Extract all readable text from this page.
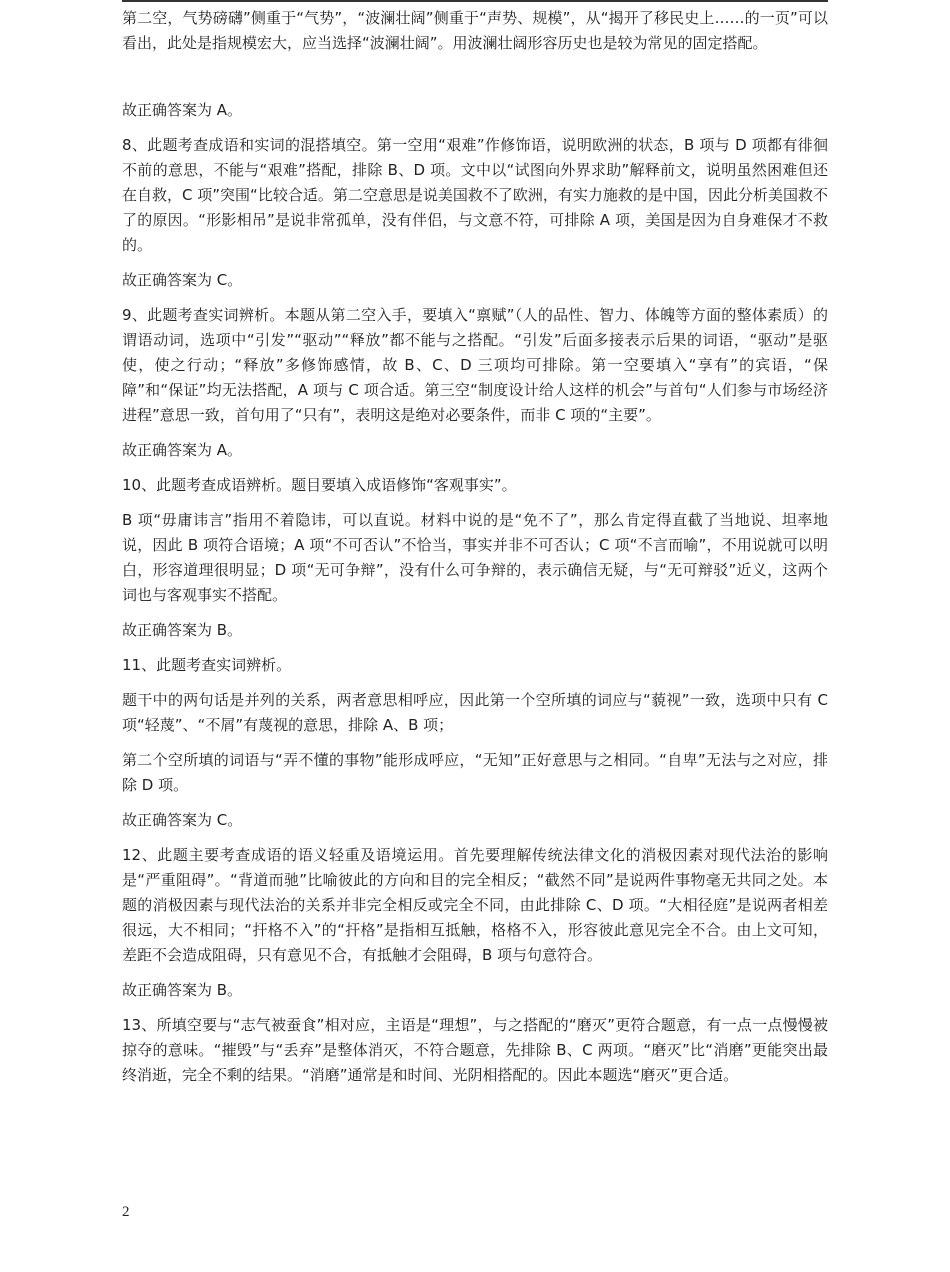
第二空，气势磅礴”侧重于“气势”，“波澜壮阔”侧重于“声势、规模”，从“揭开了移民史上……的一页”可以看出，此处是指规模宏大，应当选择“波澜壮阔”。用波澜壮阔形容历史也是较为常见的固定搭配。

故正确答案为 A。

8、此题考查成语和实词的混搭填空。第一空用“艰难”作修饰语，说明欧洲的状态，B 项与 D 项都有徘徊不前的意思，不能与“艰难”搭配，排除 B、D 项。文中以“试图向外界求助”解释前文，说明虽然困难但还在自救，C 项”突围“比较合适。第二空意思是说美国救不了欧洲，有实力施救的是中国，因此分析美国救不了的原因。“形影相吊”是说非常孤单，没有伴侣，与文意不符，可排除 A 项，美国是因为自身难保才不救的。

故正确答案为 C。

9、此题考查实词辨析。本题从第二空入手，要填入“禀赋”（人的品性、智力、体魄等方面的整体素质）的谓语动词，选项中“引发”“驱动”“释放”都不能与之搭配。“引发”后面多接表示后果的词语，“驱动”是驱使，使之行动；“释放”多修饰感情，故 B、C、D 三项均可排除。第一空要填入“享有”的宾语，“保障”和“保证”均无法搭配，A 项与 C 项合适。第三空“制度设计给人这样的机会”与首句“人们参与市场经济进程”意思一致，首句用了“只有”，表明这是绝对必要条件，而非 C 项的“主要”。

故正确答案为 A。

10、此题考查成语辨析。题目要填入成语修饰“客观事实”。

B 项“毋庸讳言”指用不着隐讳，可以直说。材料中说的是“免不了”，那么肯定得直截了当地说、坦率地说，因此 B 项符合语境；A 项“不可否认”不恰当，事实并非不可否认；C 项“不言而喻”，不用说就可以明白，形容道理很明显；D 项“无可争辩”，没有什么可争辩的，表示确信无疑，与“无可辩驳”近义，这两个词也与客观事实不搭配。

故正确答案为 B。

11、此题考查实词辨析。

题干中的两句话是并列的关系，两者意思相呼应，因此第一个空所填的词应与“藐视”一致，选项中只有 C 项“轻蔑”、“不屑”有蔑视的意思，排除 A、B 项；

第二个空所填的词语与“弄不懂的事物”能形成呼应，“无知”正好意思与之相同。“自卑”无法与之对应，排除 D 项。

故正确答案为 C。

12、此题主要考查成语的语义轻重及语境运用。首先要理解传统法律文化的消极因素对现代法治的影响是“严重阻碍”。“背道而驰”比喻彼此的方向和目的完全相反；“截然不同”是说两件事物毫无共同之处。本题的消极因素与现代法治的关系并非完全相反或完全不同，由此排除 C、D 项。“大相径庭”是说两者相差很远，大不相同；“扞格不入”的“扞格”是指相互抵触，格格不入，形容彼此意见完全不合。由上文可知，差距不会造成阻碍，只有意见不合，有抵触才会阻碍，B 项与句意符合。

故正确答案为 B。

13、所填空要与“志气被蚕食”相对应，主语是“理想”，与之搭配的“磨灭”更符合题意，有一点一点慢慢被掠夺的意味。“摧毁”与“丢弃”是整体消灭，不符合题意，先排除 B、C 两项。“磨灭”比“消磨”更能突出最终消逝，完全不剩的结果。“消磨”通常是和时间、光阴相搭配的。因此本题选“磨灭”更合适。

2
